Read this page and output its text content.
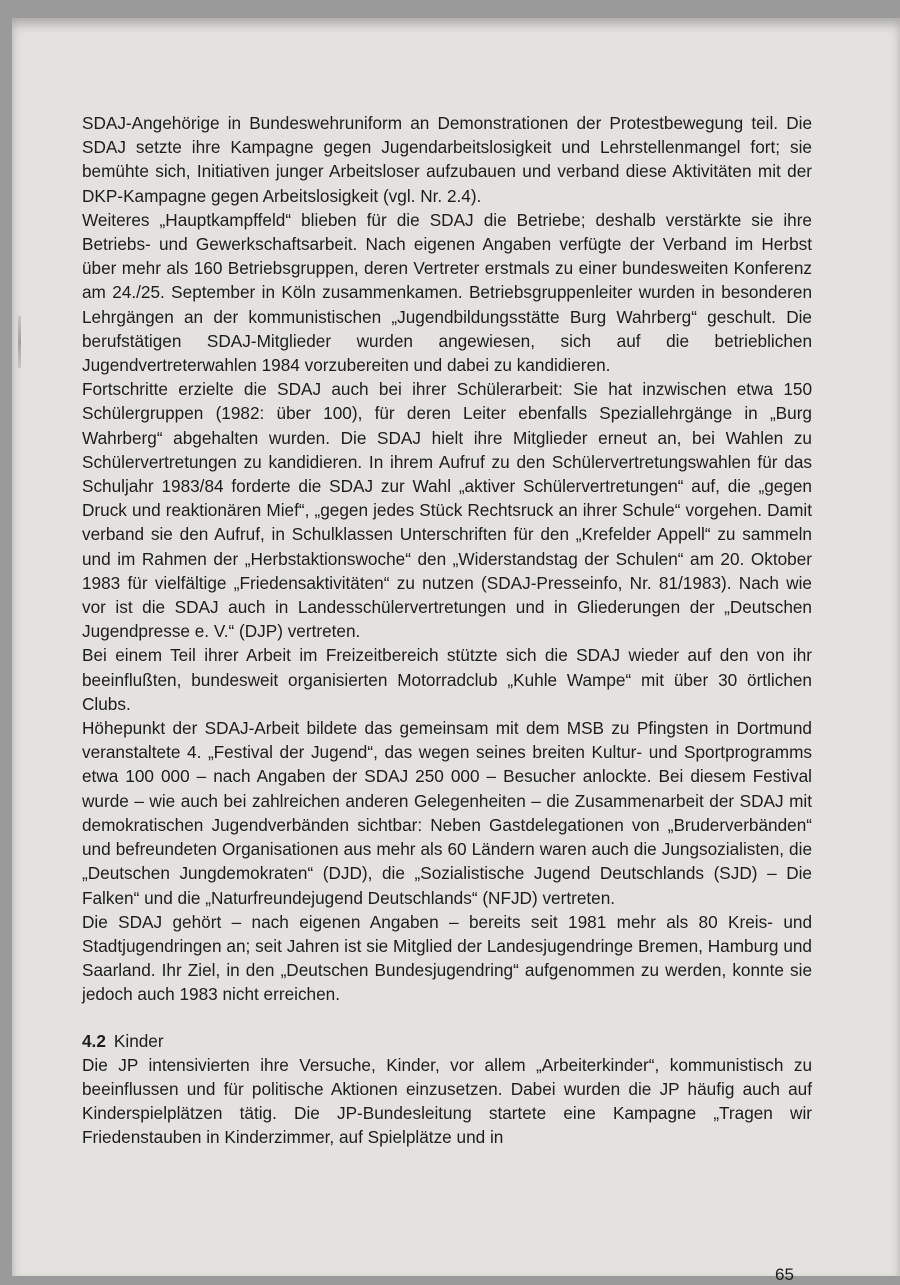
SDAJ-Angehörige in Bundeswehruniform an Demonstrationen der Protestbewegung teil. Die SDAJ setzte ihre Kampagne gegen Jugendarbeitslosigkeit und Lehrstellenmangel fort; sie bemühte sich, Initiativen junger Arbeitsloser aufzubauen und verband diese Aktivitäten mit der DKP-Kampagne gegen Arbeitslosigkeit (vgl. Nr. 2.4).

Weiteres „Hauptkampffeld“ blieben für die SDAJ die Betriebe; deshalb verstärkte sie ihre Betriebs- und Gewerkschaftsarbeit. Nach eigenen Angaben verfügte der Verband im Herbst über mehr als 160 Betriebsgruppen, deren Vertreter erstmals zu einer bundesweiten Konferenz am 24./25. September in Köln zusammenkamen. Betriebsgruppenleiter wurden in besonderen Lehrgängen an der kommunistischen „Jugendbildungsstätte Burg Wahrberg“ geschult. Die berufstätigen SDAJ-Mitglieder wurden angewiesen, sich auf die betrieblichen Jugendvertreterwahlen 1984 vorzubereiten und dabei zu kandidieren.

Fortschritte erzielte die SDAJ auch bei ihrer Schülerarbeit: Sie hat inzwischen etwa 150 Schülergruppen (1982: über 100), für deren Leiter ebenfalls Speziallehrgänge in „Burg Wahrberg“ abgehalten wurden. Die SDAJ hielt ihre Mitglieder erneut an, bei Wahlen zu Schülervertretungen zu kandidieren. In ihrem Aufruf zu den Schülervertretungswahlen für das Schuljahr 1983/84 forderte die SDAJ zur Wahl „aktiver Schülervertretungen“ auf, die „gegen Druck und reaktionären Mief“, „gegen jedes Stück Rechtsruck an ihrer Schule“ vorgehen. Damit verband sie den Aufruf, in Schulklassen Unterschriften für den „Krefelder Appell“ zu sammeln und im Rahmen der „Herbstaktionswoche“ den „Widerstandstag der Schulen“ am 20. Oktober 1983 für vielfältige „Friedensaktivitäten“ zu nutzen (SDAJ-Presseinfo, Nr. 81/1983). Nach wie vor ist die SDAJ auch in Landesschülervertretungen und in Gliederungen der „Deutschen Jugendpresse e. V.“ (DJP) vertreten.

Bei einem Teil ihrer Arbeit im Freizeitbereich stützte sich die SDAJ wieder auf den von ihr beeinflußten, bundesweit organisierten Motorradclub „Kuhle Wampe“ mit über 30 örtlichen Clubs.

Höhepunkt der SDAJ-Arbeit bildete das gemeinsam mit dem MSB zu Pfingsten in Dortmund veranstaltete 4. „Festival der Jugend“, das wegen seines breiten Kultur- und Sportprogramms etwa 100 000 – nach Angaben der SDAJ 250 000 – Besucher anlockte. Bei diesem Festival wurde – wie auch bei zahlreichen anderen Gelegenheiten – die Zusammenarbeit der SDAJ mit demokratischen Jugendverbänden sichtbar: Neben Gastdelegationen von „Bruderverbänden“ und befreundeten Organisationen aus mehr als 60 Ländern waren auch die Jungsozialisten, die „Deutschen Jungdemokraten“ (DJD), die „Sozialistische Jugend Deutschlands (SJD) – Die Falken“ und die „Naturfreundejugend Deutschlands“ (NFJD) vertreten.

Die SDAJ gehört – nach eigenen Angaben – bereits seit 1981 mehr als 80 Kreis- und Stadtjugendringen an; seit Jahren ist sie Mitglied der Landesjugendringe Bremen, Hamburg und Saarland. Ihr Ziel, in den „Deutschen Bundesjugendring“ aufgenommen zu werden, konnte sie jedoch auch 1983 nicht erreichen.

4.2 Kinder

Die JP intensivierten ihre Versuche, Kinder, vor allem „Arbeiterkinder“, kommunistisch zu beeinflussen und für politische Aktionen einzusetzen. Dabei wurden die JP häufig auch auf Kinderspielplätzen tätig. Die JP-Bundesleitung startete eine Kampagne „Tragen wir Friedenstauben in Kinderzimmer, auf Spielplätze und in

65
